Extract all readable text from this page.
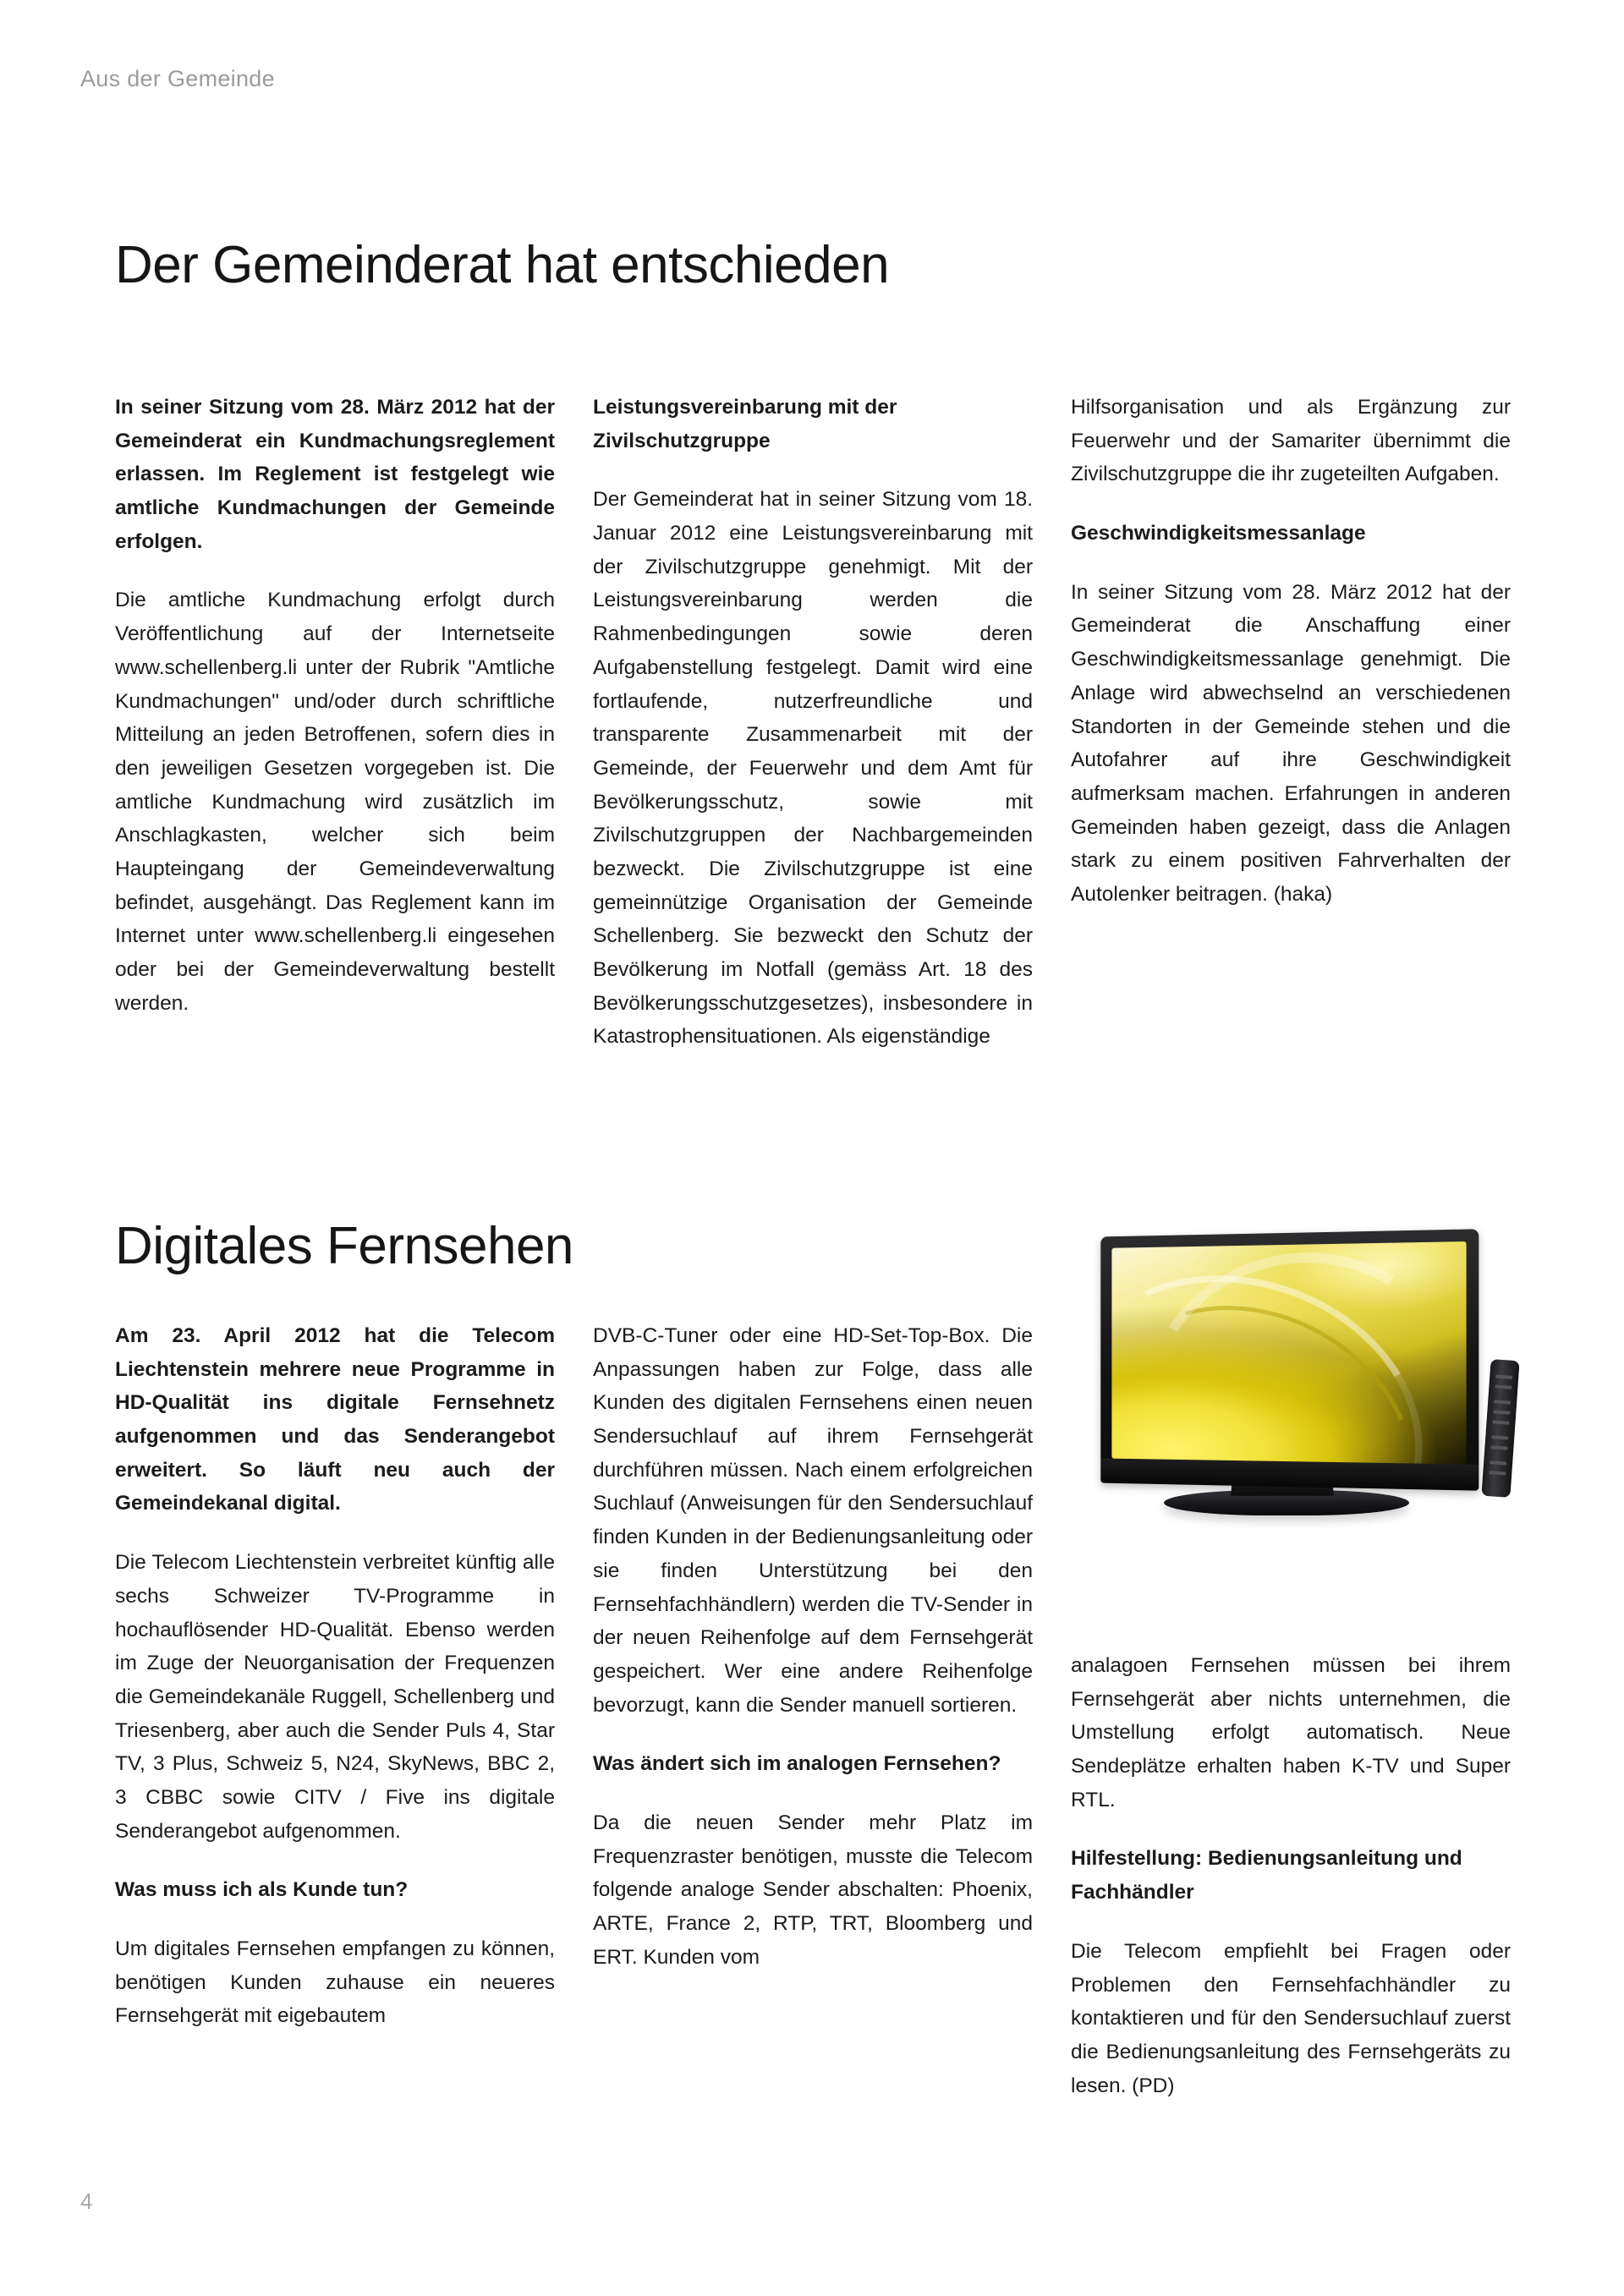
Aus der Gemeinde
Der Gemeinderat hat entschieden

In seiner Sitzung vom 28. März 2012 hat der Gemeinderat ein Kundmachungsreglement erlassen. Im Reglement ist festgelegt wie amtliche Kundmachungen der Gemeinde erfolgen.

Die amtliche Kundmachung erfolgt durch Veröffentlichung auf der Internetseite www.schellenberg.li unter der Rubrik "Amtliche Kundmachungen" und/oder durch schriftliche Mitteilung an jeden Betroffenen, sofern dies in den jeweiligen Gesetzen vorgegeben ist. Die amtliche Kundmachung wird zusätzlich im Anschlagkasten, welcher sich beim Haupteingang der Gemeindeverwaltung befindet, ausgehängt. Das Reglement kann im Internet unter www.schellenberg.li eingesehen oder bei der Gemeindeverwaltung bestellt werden.

Leistungsvereinbarung mit der Zivilschutzgruppe

Der Gemeinderat hat in seiner Sitzung vom 18. Januar 2012 eine Leistungsvereinbarung mit der Zivilschutzgruppe genehmigt. Mit der Leistungsvereinbarung werden die Rahmenbedingungen sowie deren Aufgabenstellung festgelegt. Damit wird eine fortlaufende, nutzerfreundliche und transparente Zusammenarbeit mit der Gemeinde, der Feuerwehr und dem Amt für Bevölkerungsschutz, sowie mit Zivilschutzgruppen der Nachbargemeinden bezweckt. Die Zivilschutzgruppe ist eine gemeinnützige Organisation der Gemeinde Schellenberg. Sie bezweckt den Schutz der Bevölkerung im Notfall (gemäss Art. 18 des Bevölkerungsschutzgesetzes), insbesondere in Katastrophensituationen. Als eigenständige

Hilfsorganisation und als Ergänzung zur Feuerwehr und der Samariter übernimmt die Zivilschutzgruppe die ihr zugeteilten Aufgaben.

Geschwindigkeitsmessanlage

In seiner Sitzung vom 28. März 2012 hat der Gemeinderat die Anschaffung einer Geschwindigkeitsmessanlage genehmigt. Die Anlage wird abwechselnd an verschiedenen Standorten in der Gemeinde stehen und die Autofahrer auf ihre Geschwindigkeit aufmerksam machen. Erfahrungen in anderen Gemeinden haben gezeigt, dass die Anlagen stark zu einem positiven Fahrverhalten der Autolenker beitragen. (haka)

Digitales Fernsehen

Am 23. April 2012 hat die Telecom Liechtenstein mehrere neue Programme in HD-Qualität ins digitale Fernsehnetz aufgenommen und das Senderangebot erweitert. So läuft neu auch der Gemeindekanal digital.

Die Telecom Liechtenstein verbreitet künftig alle sechs Schweizer TV-Programme in hochauflösender HD-Qualität. Ebenso werden im Zuge der Neuorganisation der Frequenzen die Gemeindekanäle Ruggell, Schellenberg und Triesenberg, aber auch die Sender Puls 4, Star TV, 3 Plus, Schweiz 5, N24, SkyNews, BBC 2, 3 CBBC sowie CITV / Five ins digitale Senderangebot aufgenommen.

Was muss ich als Kunde tun?

Um digitales Fernsehen empfangen zu können, benötigen Kunden zuhause ein neueres Fernsehgerät mit eigebautem

DVB-C-Tuner oder eine HD-Set-Top-Box. Die Anpassungen haben zur Folge, dass alle Kunden des digitalen Fernsehens einen neuen Sendersuchlauf auf ihrem Fernsehgerät durchführen müssen. Nach einem erfolgreichen Suchlauf (Anweisungen für den Sendersuchlauf finden Kunden in der Bedienungsanleitung oder sie finden Unterstützung bei den Fernsehfachhändlern) werden die TV-Sender in der neuen Reihenfolge auf dem Fernsehgerät gespeichert. Wer eine andere Reihenfolge bevorzugt, kann die Sender manuell sortieren.

Was ändert sich im analogen Fernsehen?

Da die neuen Sender mehr Platz im Frequenzraster benötigen, musste die Telecom folgende analoge Sender abschalten: Phoenix, ARTE, France 2, RTP, TRT, Bloomberg und ERT. Kunden vom

analagoen Fernsehen müssen bei ihrem Fernsehgerät aber nichts unternehmen, die Umstellung erfolgt automatisch. Neue Sendeplätze erhalten haben K-TV und Super RTL.

Hilfestellung: Bedienungsanleitung und Fachhändler

Die Telecom empfiehlt bei Fragen oder Problemen den Fernsehfachhändler zu kontaktieren und für den Sendersuchlauf zuerst die Bedienungsanleitung des Fernsehgeräts zu lesen. (PD)

4
